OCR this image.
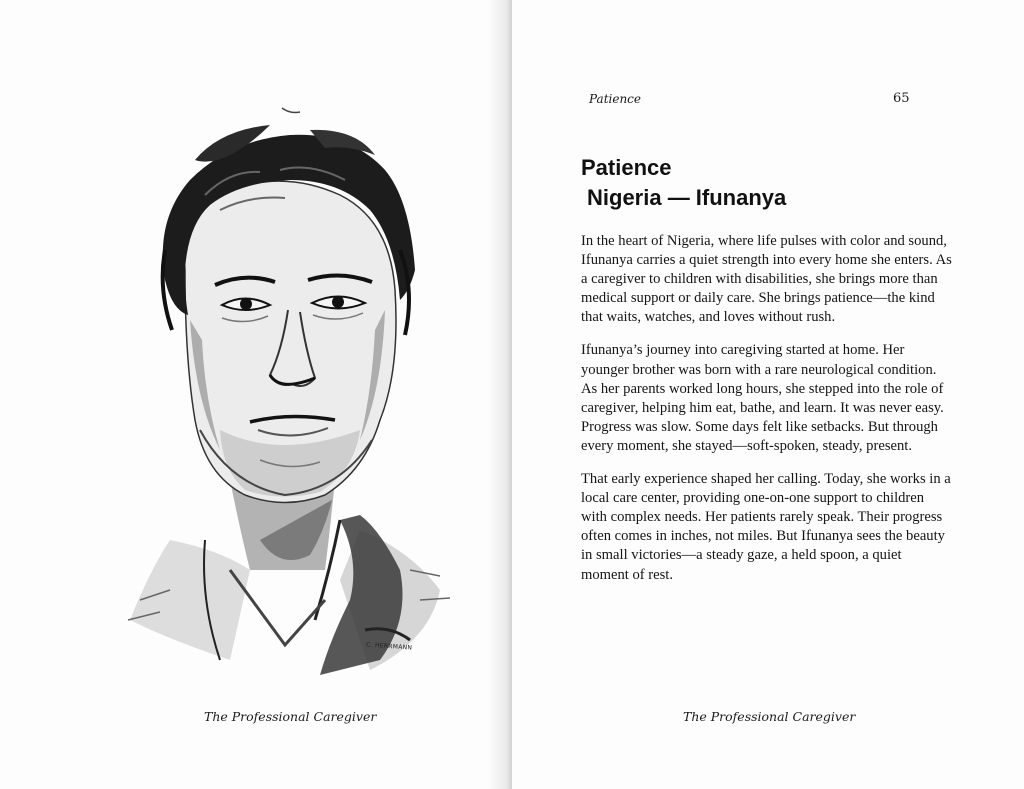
C. HERRMANN
The Professional Caregiver
Patience	65
Patience
Nigeria — Ifunanya

In the heart of Nigeria, where life pulses with color and sound, Ifunanya carries a quiet strength into every home she enters. As a caregiver to children with disabilities, she brings more than medical support or daily care. She brings patience—the kind that waits, watches, and loves without rush.

Ifunanya’s journey into caregiving started at home. Her younger brother was born with a rare neurological condition. As her parents worked long hours, she stepped into the role of caregiver, helping him eat, bathe, and learn. It was never easy. Progress was slow. Some days felt like setbacks. But through every moment, she stayed—soft-spoken, steady, present.

That early experience shaped her calling. Today, she works in a local care center, providing one-on-one support to children with complex needs. Her patients rarely speak. Their progress often comes in inches, not miles. But Ifunanya sees the beauty in small victories—a steady gaze, a held spoon, a quiet moment of rest.

The Professional Caregiver
